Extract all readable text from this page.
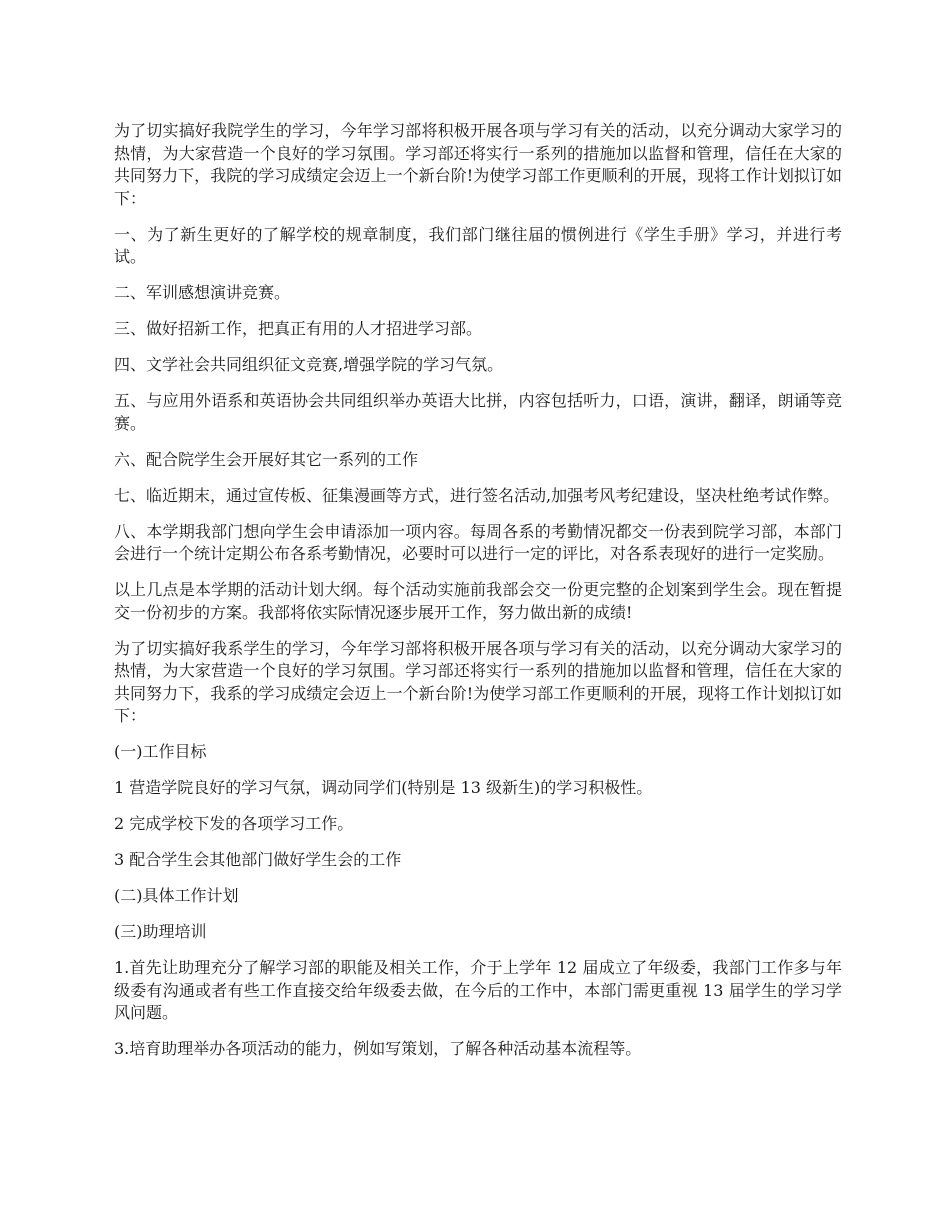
为了切实搞好我院学生的学习，今年学习部将积极开展各项与学习有关的活动，以充分调动大家学习的热情，为大家营造一个良好的学习氛围。学习部还将实行一系列的措施加以监督和管理，信任在大家的共同努力下，我院的学习成绩定会迈上一个新台阶!为使学习部工作更顺利的开展，现将工作计划拟订如下：

一、为了新生更好的了解学校的规章制度，我们部门继往届的惯例进行《学生手册》学习，并进行考试。

二、军训感想演讲竞赛。

三、做好招新工作，把真正有用的人才招进学习部。

四、文学社会共同组织征文竞赛,增强学院的学习气氛。

五、与应用外语系和英语协会共同组织举办英语大比拼，内容包括听力，口语，演讲，翻译，朗诵等竞赛。

六、配合院学生会开展好其它一系列的工作

七、临近期末，通过宣传板、征集漫画等方式，进行签名活动,加强考风考纪建设，坚决杜绝考试作弊。

八、本学期我部门想向学生会申请添加一项内容。每周各系的考勤情况都交一份表到院学习部，本部门会进行一个统计定期公布各系考勤情况，必要时可以进行一定的评比，对各系表现好的进行一定奖励。

以上几点是本学期的活动计划大纲。每个活动实施前我部会交一份更完整的企划案到学生会。现在暂提交一份初步的方案。我部将依实际情况逐步展开工作，努力做出新的成绩!

为了切实搞好我系学生的学习，今年学习部将积极开展各项与学习有关的活动，以充分调动大家学习的热情，为大家营造一个良好的学习氛围。学习部还将实行一系列的措施加以监督和管理，信任在大家的共同努力下，我系的学习成绩定会迈上一个新台阶!为使学习部工作更顺利的开展，现将工作计划拟订如下：

(一)工作目标

1 营造学院良好的学习气氛，调动同学们(特别是 13 级新生)的学习积极性。

2 完成学校下发的各项学习工作。

3 配合学生会其他部门做好学生会的工作

(二)具体工作计划

(三)助理培训

1.首先让助理充分了解学习部的职能及相关工作，介于上学年 12 届成立了年级委，我部门工作多与年级委有沟通或者有些工作直接交给年级委去做，在今后的工作中，本部门需更重视 13 届学生的学习学风问题。

3.培育助理举办各项活动的能力，例如写策划，了解各种活动基本流程等。
